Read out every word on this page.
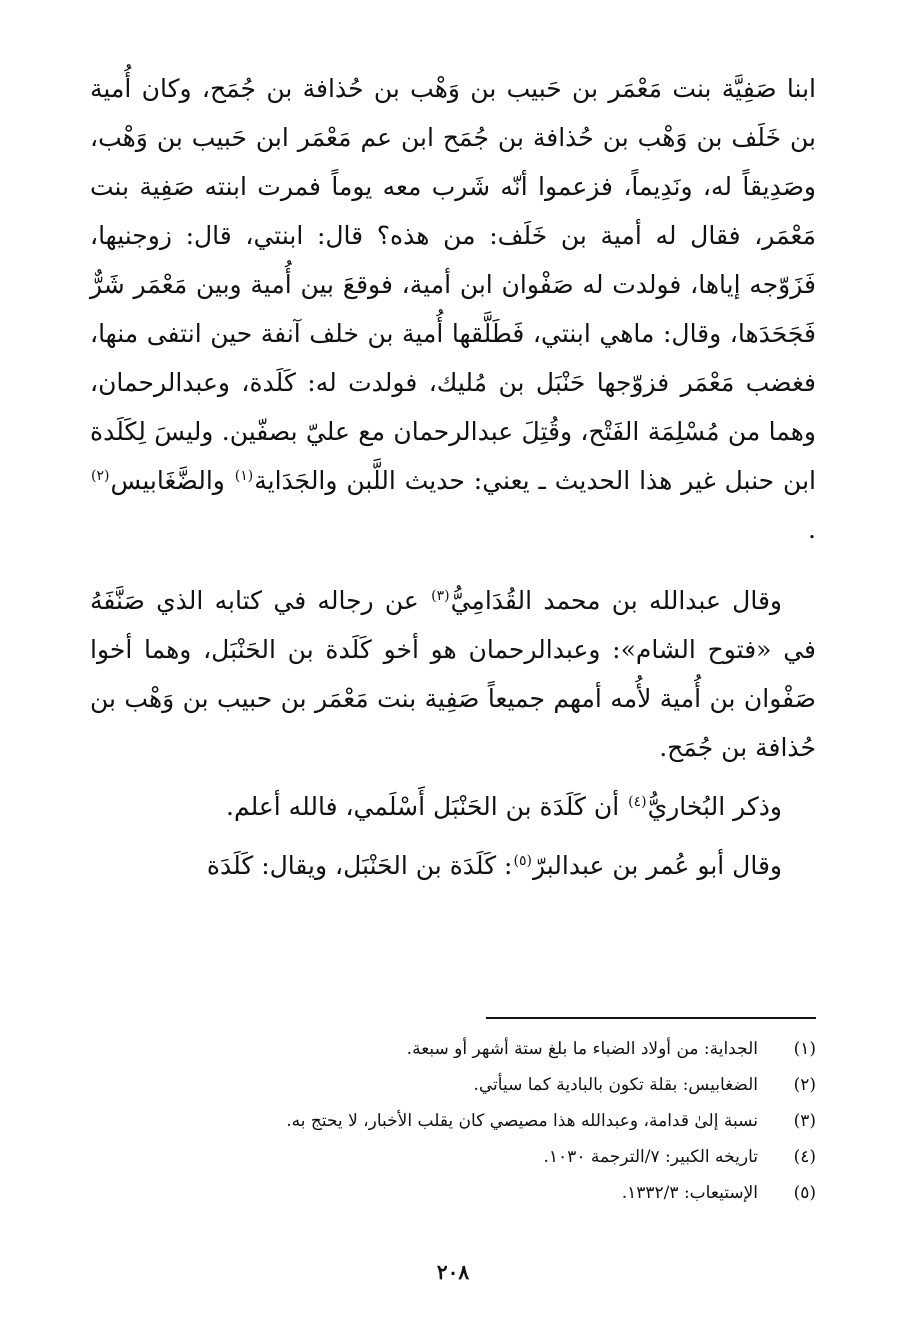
ابنا صَفِيَّة بنت مَعْمَر بن حَبيب بن وَهْب بن حُذافة بن جُمَح، وكان أُمية بن خَلَف بن وَهْب بن حُذافة بن جُمَح ابن عم مَعْمَر ابن حَبيب بن وَهْب، وصَدِيقاً له، ونَدِيماً، فزعموا أنّه شَرب معه يوماً فمرت ابنته صَفِية بنت مَعْمَر، فقال له أمية بن خَلَف: من هذه؟ قال: ابنتي، قال: زوجنيها، فَزَوّجه إياها، فولدت له صَفْوان ابن أمية، فوقعَ بين أُمية وبين مَعْمَر شَرٌّ فَجَحَدَها، وقال: ماهي ابنتي، فَطَلَّقها أُمية بن خلف آنفة حين انتفى منها، فغضب مَعْمَر فزوّجها حَنْبَل بن مُليك، فولدت له: كَلَدة، وعبدالرحمان، وهما من مُسْلِمَة الفَتْح، وقُتِلَ عبدالرحمان مع عليّ بصفّين. وليسَ لِكَلَدة ابن حنبل غير هذا الحديث ـ يعني: حديث اللَّبن والجَدَاية$^{(١)}$ والضَّغَابيس$^{(٢)}$ .

وقال عبدالله بن محمد القُدَامِيُّ$^{(٣)}$ عن رجاله في كتابه الذي صَنَّفَهُ في «فتوح الشام»: وعبدالرحمان هو أخو كَلَدة بن الحَنْبَل، وهما أخوا صَفْوان بن أُمية لأُمه أمهم جميعاً صَفِية بنت مَعْمَر بن حبيب بن وَهْب بن حُذافة بن جُمَح.

وذكر البُخاريُّ$^{(٤)}$ أن كَلَدَة بن الحَنْبَل أَسْلَمي، فالله أعلم.

وقال أبو عُمر بن عبدالبرّ$^{(٥)}$: كَلَدَة بن الحَنْبَل، ويقال: كَلَدَة

(١)
الجداية: من أولاد الضباء ما بلغ ستة أشهر أو سبعة.
(٢)
الضغابيس: بقلة تكون بالبادية كما سيأتي.
(٣)
نسبة إلىٰ قدامة، وعبدالله هذا مصيصي كان يقلب الأخبار، لا يحتج به.
(٤)
تاريخه الكبير: ٧/الترجمة ١٠٣٠.
(٥)
الإستيعاب: ١٣٣٢/٣.
٢٠٨
